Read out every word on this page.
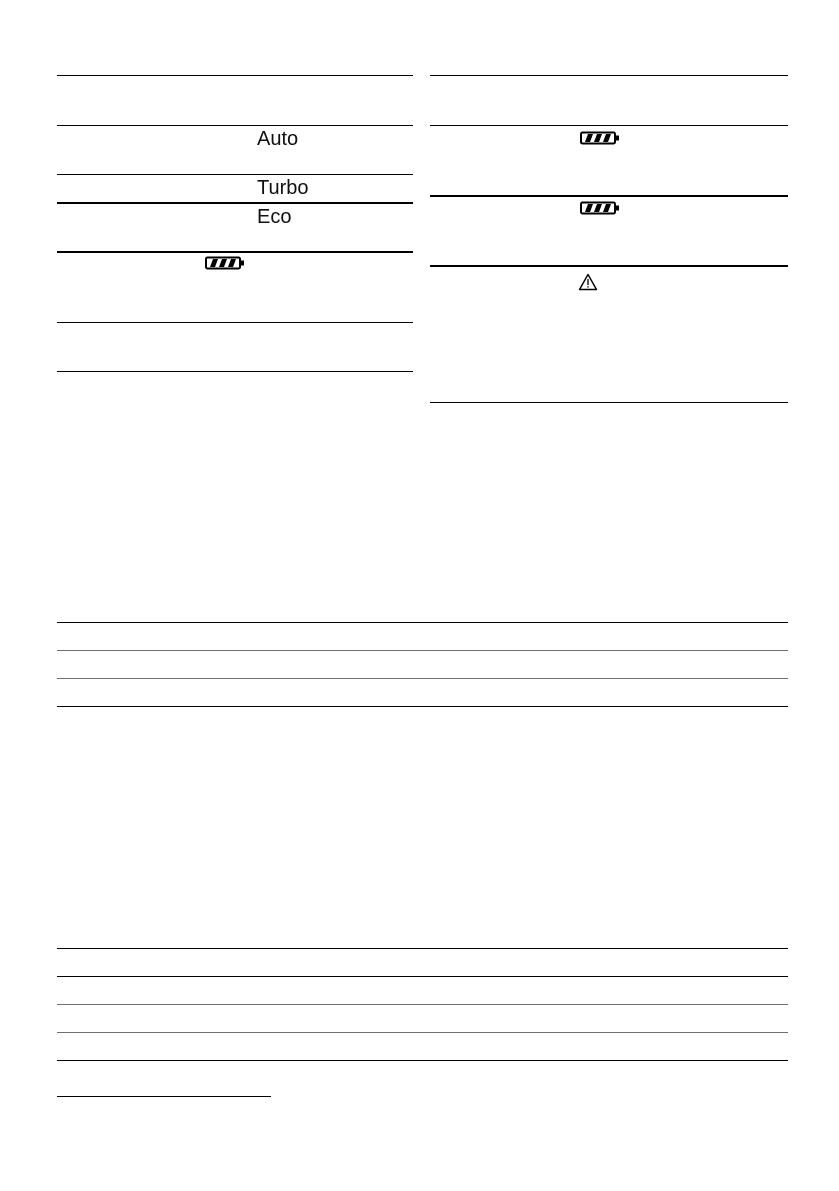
Auto
Turbo
Eco
